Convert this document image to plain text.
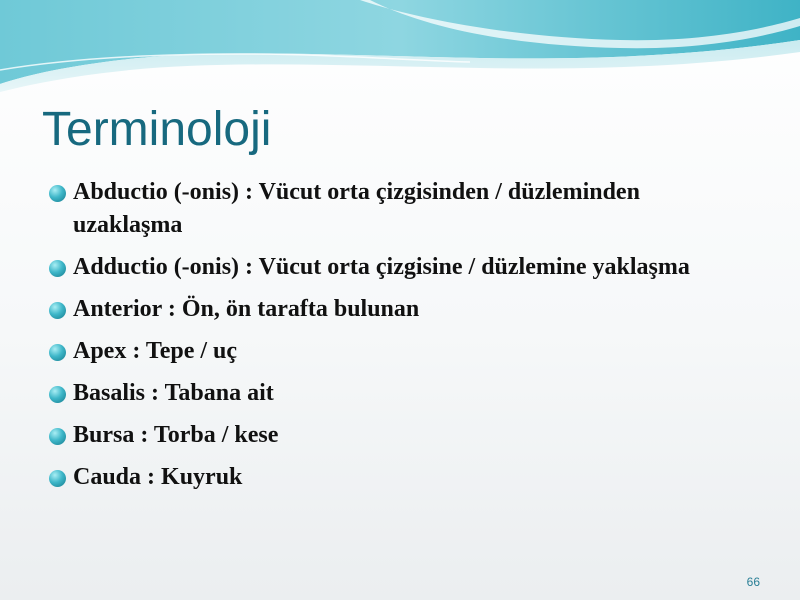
Terminoloji
Abductio (-onis) : Vücut orta çizgisinden / düzleminden uzaklaşma
Adductio (-onis) : Vücut orta çizgisine / düzlemine yaklaşma
Anterior : Ön, ön tarafta bulunan
Apex : Tepe / uç
Basalis : Tabana ait
Bursa : Torba / kese
Cauda : Kuyruk
66
